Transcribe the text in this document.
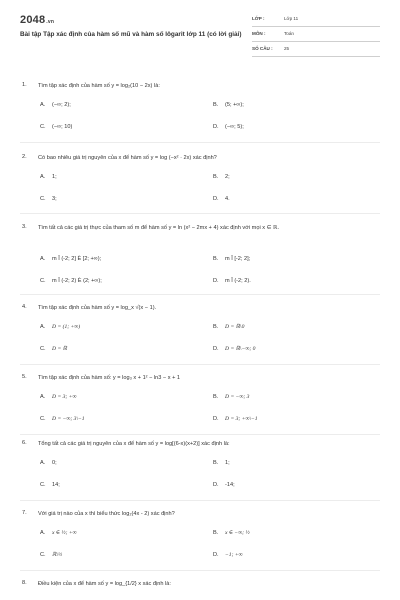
2048.vn
Bài tập Tập xác định của hàm số mũ và hàm số lôgarit lớp 11 (có lời giải)
LỚP :	Lớp 11
MÔN :	Toán
SỐ CÂU : 25
1. Tìm tập xác định của hàm số y = log₂(10 − 2x) là:
A. (−∞; 2);	B. (5; +∞);
C. (−∞; 10)	D. (−∞; 5);
2. Có bao nhiêu giá trị nguyên của x để hàm số y = log (−x² · 2x) xác định?
A. 1;	B. 2;
C. 3;	D. 4.
3. Tìm tất cả các giá trị thực của tham số m để hàm số y = ln (x² − 2mx + 4) xác định với mọi x ∈ ℝ.
A. m Î (-2; 2] È [2; +∞);	B. m Î [-2; 2];
C. m Î (-2; 2) È (2; +∞);	D. m Î (-2; 2).
4. Tìm tập xác định của hàm số y = log_x √(x − 1).
A. D = (1; +∞)	B. D = ℝ\0
C. D = ℝ	D. D = ℝ\−∞; 0
5. Tìm tập xác định của hàm số: y = log₃ x + 1² − ln3 − x + 1
A. D = 3; +∞	B. D = −∞; 3
C. D = −∞; 3\−1	D. D = 3; +∞\−1
6. Tổng tất cả các giá trị nguyên của x để hàm số y = log[(6-x)(x+2)] xác định là:
A. 0;	B. 1;
C. 14;	D. -14;
7. Với giá trị nào của x thì biểu thức log₂(4x - 2) xác định?
A. x ∈ ½; +∞	B. x ∈ −∞; ½
C. ℝ\½	D. −1; +∞
8. Điều kiện của x để hàm số y = log_{1/2} x xác định là:
